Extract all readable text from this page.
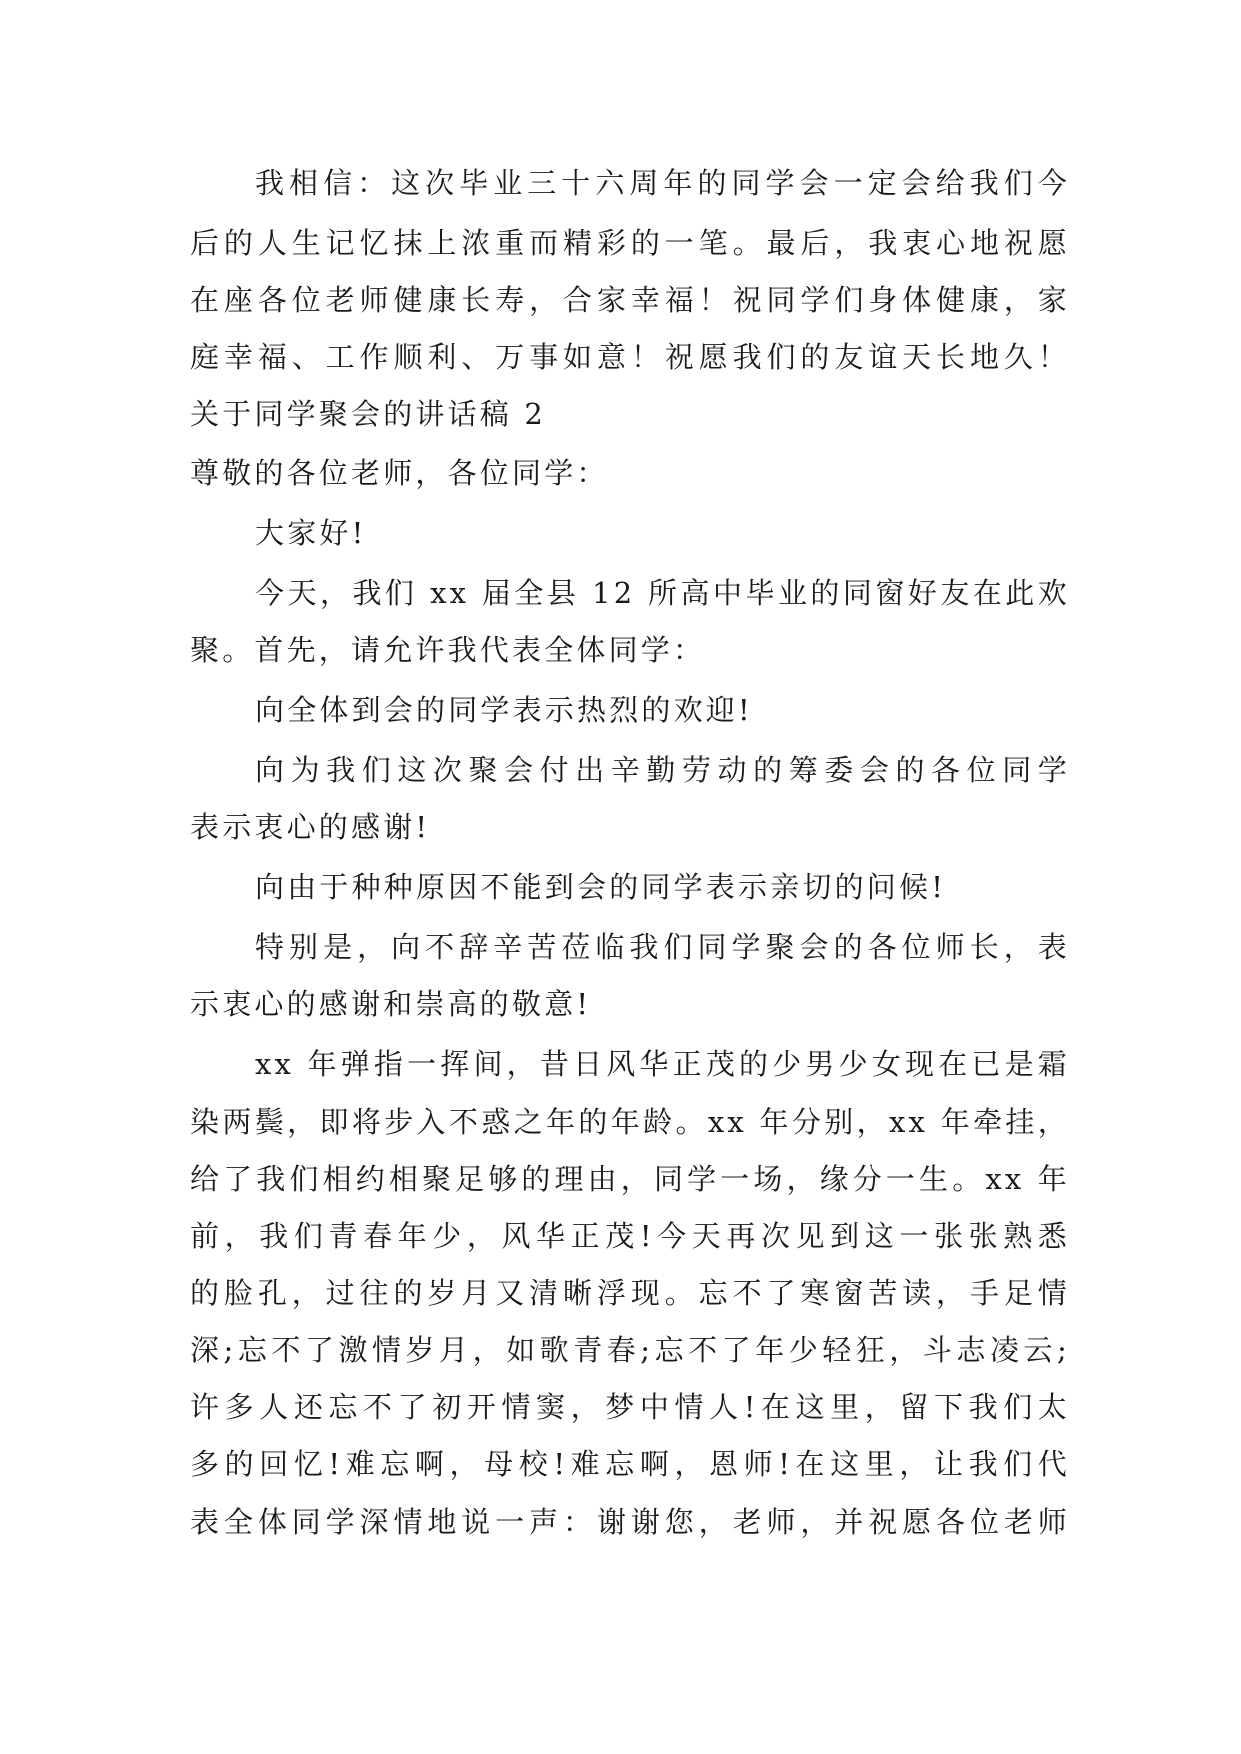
我相信：这次毕业三十六周年的同学会一定会给我们今
后的人生记忆抹上浓重而精彩的一笔。最后，我衷心地祝愿
在座各位老师健康长寿，合家幸福！祝同学们身体健康，家
庭幸福、工作顺利、万事如意！祝愿我们的友谊天长地久！
关于同学聚会的讲话稿 2
尊敬的各位老师，各位同学：
大家好!
今天，我们 xx 届全县 12 所高中毕业的同窗好友在此欢
聚。首先，请允许我代表全体同学：
向全体到会的同学表示热烈的欢迎!
向为我们这次聚会付出辛勤劳动的筹委会的各位同学
表示衷心的感谢!
向由于种种原因不能到会的同学表示亲切的问候!
特别是，向不辞辛苦莅临我们同学聚会的各位师长，表
示衷心的感谢和崇高的敬意!
xx 年弹指一挥间，昔日风华正茂的少男少女现在已是霜
染两鬓，即将步入不惑之年的年龄。xx 年分别，xx 年牵挂，
给了我们相约相聚足够的理由，同学一场，缘分一生。xx 年
前，我们青春年少，风华正茂!今天再次见到这一张张熟悉
的脸孔，过往的岁月又清晰浮现。忘不了寒窗苦读，手足情
深;忘不了激情岁月，如歌青春;忘不了年少轻狂，斗志凌云;
许多人还忘不了初开情窦，梦中情人!在这里，留下我们太
多的回忆!难忘啊，母校!难忘啊，恩师!在这里，让我们代
表全体同学深情地说一声：谢谢您，老师，并祝愿各位老师
